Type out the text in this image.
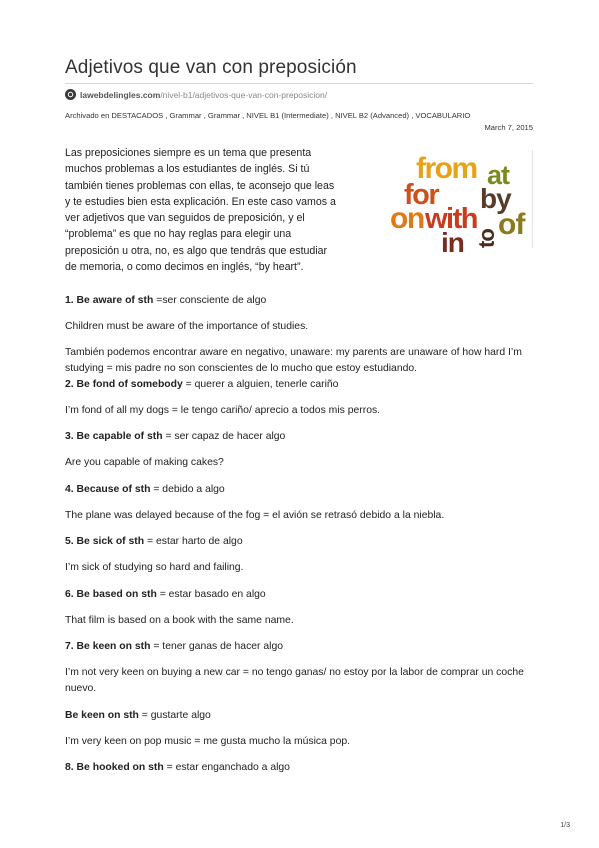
Adjetivos que van con preposición
lawebdelingles.com /nivel-b1/adjetivos-que-van-con-preposicion/
Archivado en DESTACADOS , Grammar , Grammar , NIVEL B1 (Intermediate) , NIVEL B2 (Advanced) , VOCABULARIO
March 7, 2015
Las preposiciones siempre es un tema que presenta
muchos problemas a los estudiantes de inglés. Si tú
también tienes problemas con ellas, te aconsejo que leas
y te estudies bien esta explicación. En este caso vamos a
ver adjetivos que van seguidos de preposición, y el
“problema” es que no hay reglas para elegir una
preposición u otra, no, es algo que tendrás que estudiar
de memoria, o como decimos en inglés, “by heart”.
from at
for by
on with of
in to

1. Be aware of sth =ser consciente de algo

Children must be aware of the importance of studies.

También podemos encontrar aware en negativo, unaware: my parents are unaware of how hard I’m studying = mis padre no son conscientes de lo mucho que estoy estudiando.

2. Be fond of somebody = querer a alguien, tenerle cariño

I’m fond of all my dogs = le tengo cariño/ aprecio a todos mis perros.

3. Be capable of sth = ser capaz de hacer algo

Are you capable of making cakes?

4. Because of sth = debido a algo

The plane was delayed because of the fog = el avión se retrasó debido a la niebla.

5. Be sick of sth = estar harto de algo

I’m sick of studying so hard and failing.

6. Be based on sth = estar basado en algo

That film is based on a book with the same name.

7. Be keen on sth = tener ganas de hacer algo

I’m not very keen on buying a new car = no tengo ganas/ no estoy por la labor de comprar un coche nuevo.

Be keen on sth = gustarte algo

I’m very keen on pop music = me gusta mucho la música pop.

8. Be hooked on sth = estar enganchado a algo

1/3
